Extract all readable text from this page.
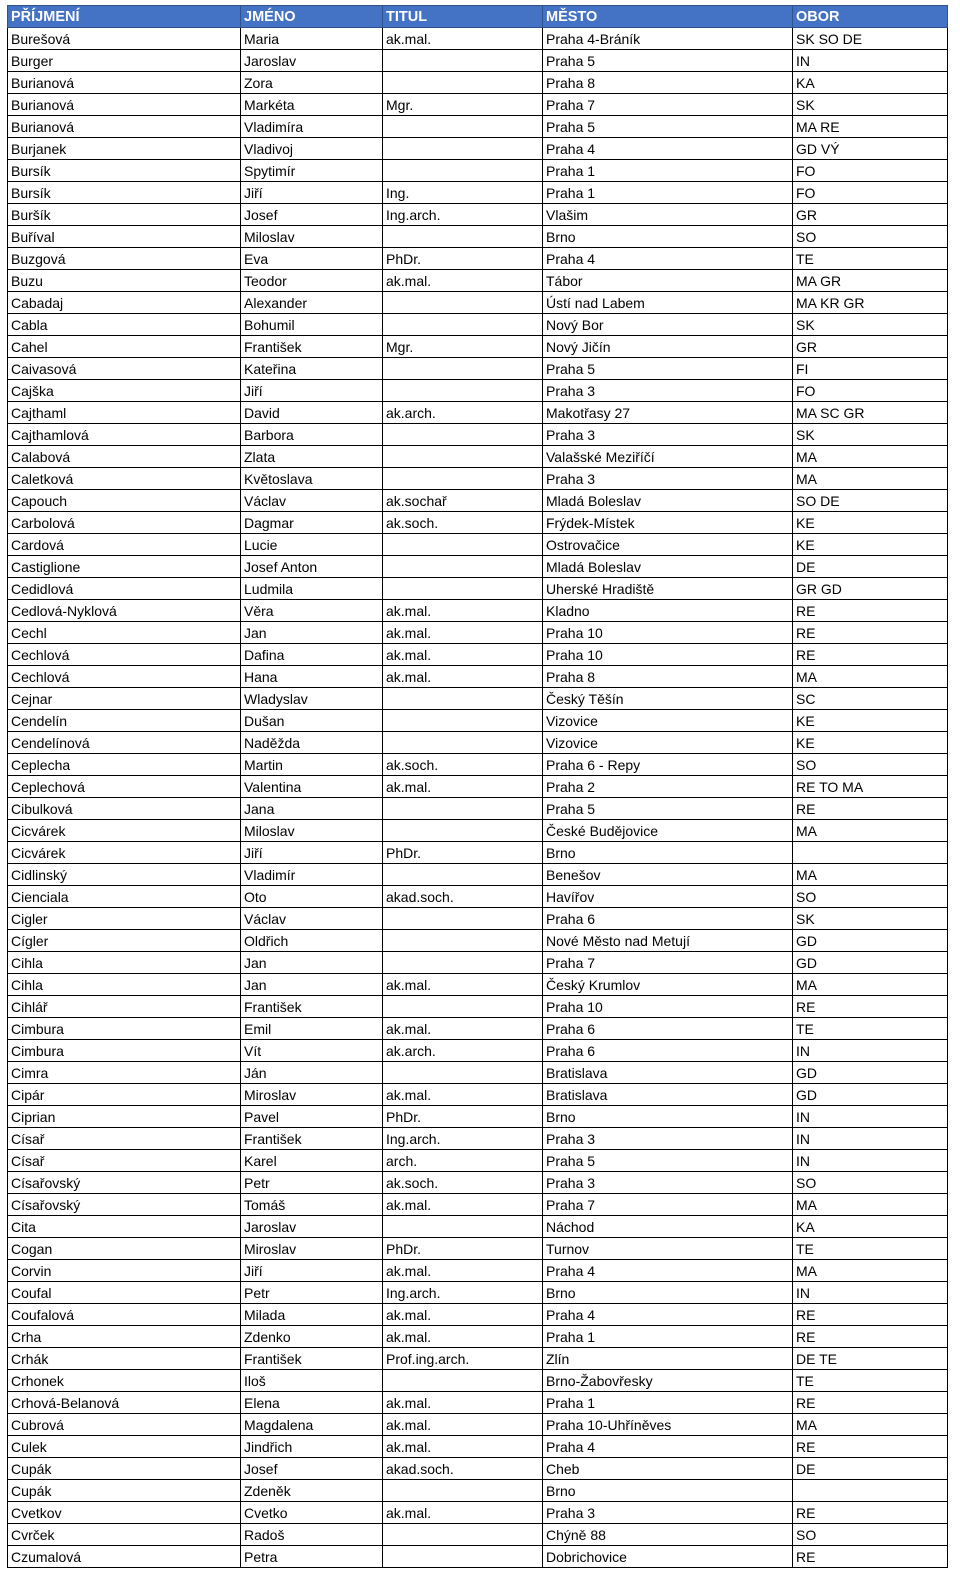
PŘÍJMENÍ	JMÉNO	TITUL	MĚSTO	OBOR
Burešová	Maria	ak.mal.	Praha 4-Bráník	SK SO DE
Burger	Jaroslav		Praha 5	IN
Burianová	Zora		Praha 8	KA
Burianová	Markéta	Mgr.	Praha 7	SK
Burianová	Vladimíra		Praha 5	MA RE
Burjanek	Vladivoj		Praha 4	GD VÝ
Bursík	Spytimír		Praha 1	FO
Bursík	Jiří	Ing.	Praha 1	FO
Buršík	Josef	Ing.arch.	Vlašim	GR
Buříval	Miloslav		Brno	SO
Buzgová	Eva	PhDr.	Praha 4	TE
Buzu	Teodor	ak.mal.	Tábor	MA GR
Cabadaj	Alexander		Ústí nad Labem	MA KR GR
Cabla	Bohumil		Nový Bor	SK
Cahel	František	Mgr.	Nový Jičín	GR
Caivasová	Kateřina		Praha 5	FI
Cajška	Jiří		Praha 3	FO
Cajthaml	David	ak.arch.	Makotřasy 27	MA SC GR
Cajthamlová	Barbora		Praha 3	SK
Calabová	Zlata		Valašské Meziříčí	MA
Caletková	Květoslava		Praha 3	MA
Capouch	Václav	ak.sochař	Mladá Boleslav	SO DE
Carbolová	Dagmar	ak.soch.	Frýdek-Místek	KE
Cardová	Lucie		Ostrovačice	KE
Castiglione	Josef Anton		Mladá Boleslav	DE
Cedidlová	Ludmila		Uherské Hradiště	GR GD
Cedlová-Nyklová	Věra	ak.mal.	Kladno	RE
Cechl	Jan	ak.mal.	Praha 10	RE
Cechlová	Dafina	ak.mal.	Praha 10	RE
Cechlová	Hana	ak.mal.	Praha 8	MA
Cejnar	Wladyslav		Český Těšín	SC
Cendelín	Dušan		Vizovice	KE
Cendelínová	Naděžda		Vizovice	KE
Ceplecha	Martin	ak.soch.	Praha 6 - Repy	SO
Ceplechová	Valentina	ak.mal.	Praha 2	RE TO MA
Cibulková	Jana		Praha 5	RE
Cicvárek	Miloslav		České Budějovice	MA
Cicvárek	Jiří	PhDr.	Brno	
Cidlinský	Vladimír		Benešov	MA
Cienciala	Oto	akad.soch.	Havířov	SO
Cigler	Václav		Praha 6	SK
Cígler	Oldřich		Nové Město nad Metují	GD
Cihla	Jan		Praha 7	GD
Cihla	Jan	ak.mal.	Český Krumlov	MA
Cihlář	František		Praha 10	RE
Cimbura	Emil	ak.mal.	Praha 6	TE
Cimbura	Vít	ak.arch.	Praha 6	IN
Cimra	Ján		Bratislava	GD
Cipár	Miroslav	ak.mal.	Bratislava	GD
Ciprian	Pavel	PhDr.	Brno	IN
Císař	František	Ing.arch.	Praha 3	IN
Císař	Karel	arch.	Praha 5	IN
Císařovský	Petr	ak.soch.	Praha 3	SO
Císařovský	Tomáš	ak.mal.	Praha 7	MA
Cita	Jaroslav		Náchod	KA
Cogan	Miroslav	PhDr.	Turnov	TE
Corvin	Jiří	ak.mal.	Praha 4	MA
Coufal	Petr	Ing.arch.	Brno	IN
Coufalová	Milada	ak.mal.	Praha 4	RE
Crha	Zdenko	ak.mal.	Praha 1	RE
Crhák	František	Prof.ing.arch.	Zlín	DE TE
Crhonek	Iloš		Brno-Žabovřesky	TE
Crhová-Belanová	Elena	ak.mal.	Praha 1	RE
Cubrová	Magdalena	ak.mal.	Praha 10-Uhříněves	MA
Culek	Jindřich	ak.mal.	Praha 4	RE
Cupák	Josef	akad.soch.	Cheb	DE
Cupák	Zdeněk		Brno	
Cvetkov	Cvetko	ak.mal.	Praha 3	RE
Cvrček	Radoš		Chýně 88	SO
Czumalová	Petra		Dobrichovice	RE
